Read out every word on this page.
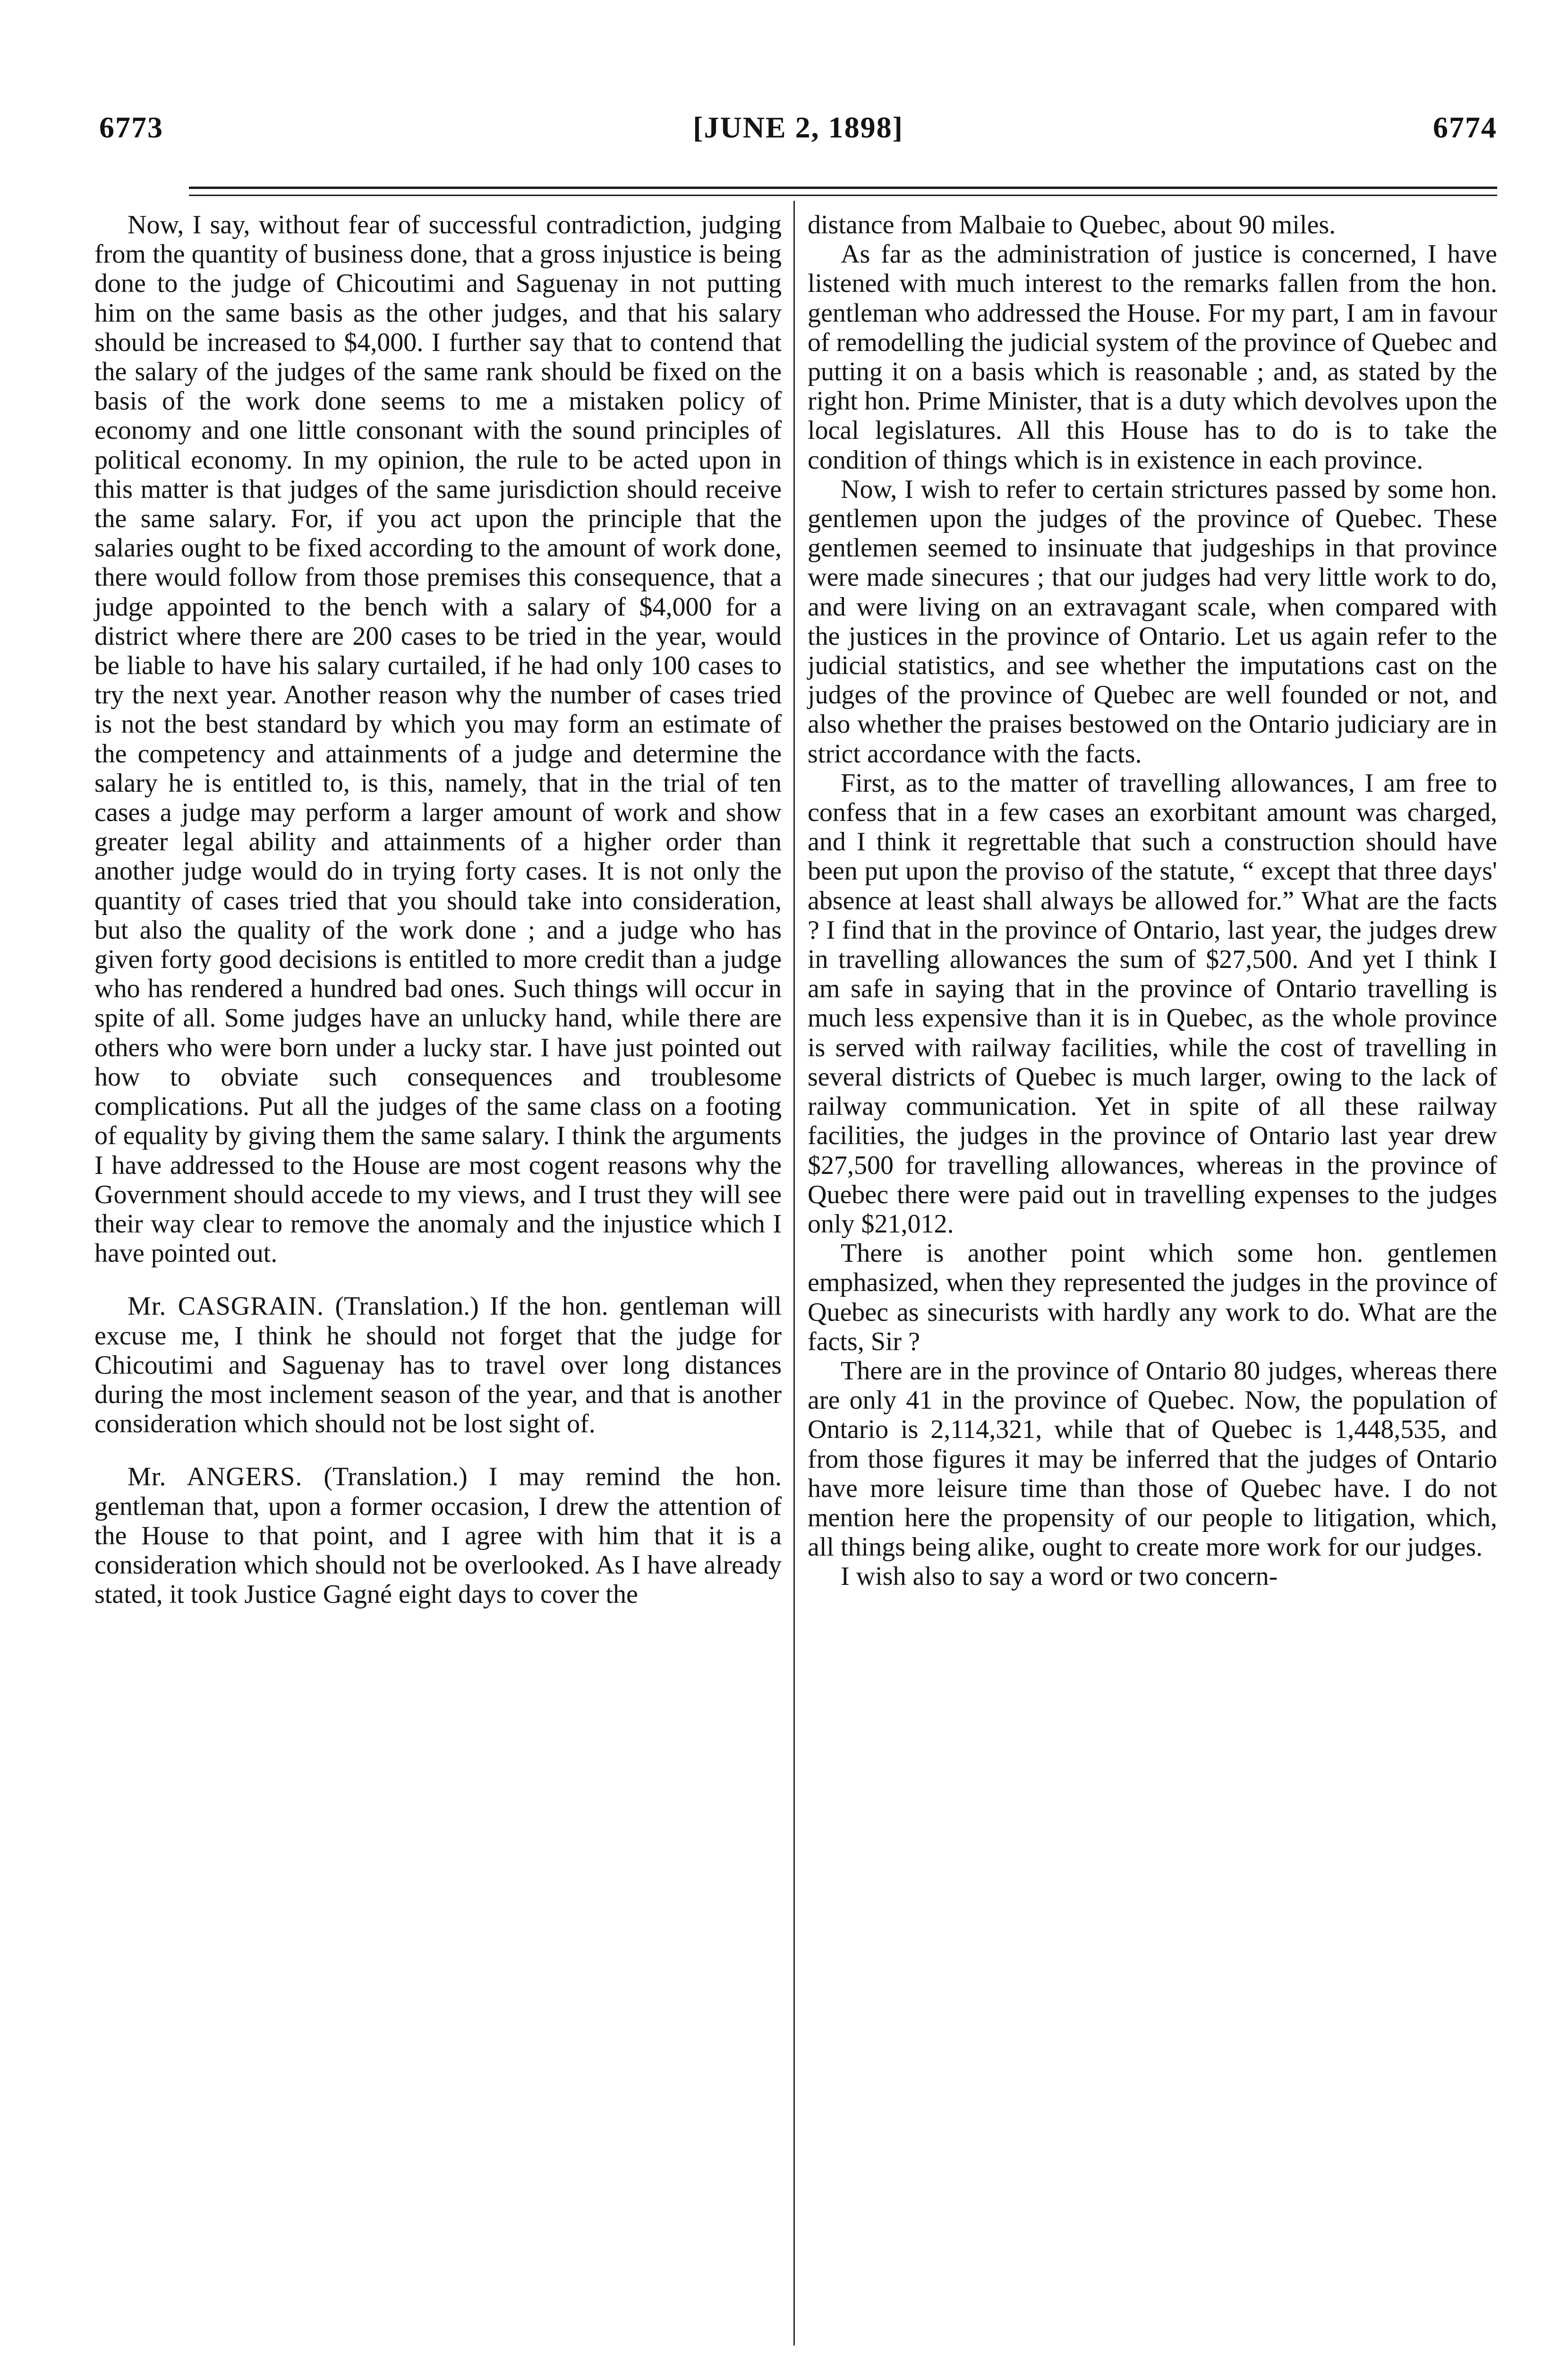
6773	[JUNE 2, 1898]	6774

Now, I say, without fear of successful contradiction, judging from the quantity of business done, that a gross injustice is being done to the judge of Chicoutimi and Saguenay in not putting him on the same basis as the other judges, and that his salary should be increased to $4,000. I further say that to contend that the salary of the judges of the same rank should be fixed on the basis of the work done seems to me a mistaken policy of economy and one little consonant with the sound principles of political economy. In my opinion, the rule to be acted upon in this matter is that judges of the same jurisdiction should receive the same salary. For, if you act upon the principle that the salaries ought to be fixed according to the amount of work done, there would follow from those premises this consequence, that a judge appointed to the bench with a salary of $4,000 for a district where there are 200 cases to be tried in the year, would be liable to have his salary curtailed, if he had only 100 cases to try the next year. Another reason why the number of cases tried is not the best standard by which you may form an estimate of the competency and attainments of a judge and determine the salary he is entitled to, is this, namely, that in the trial of ten cases a judge may perform a larger amount of work and show greater legal ability and attainments of a higher order than another judge would do in trying forty cases. It is not only the quantity of cases tried that you should take into consideration, but also the quality of the work done ; and a judge who has given forty good decisions is entitled to more credit than a judge who has rendered a hundred bad ones. Such things will occur in spite of all. Some judges have an unlucky hand, while there are others who were born under a lucky star. I have just pointed out how to obviate such consequences and troublesome complications. Put all the judges of the same class on a footing of equality by giving them the same salary. I think the arguments I have addressed to the House are most cogent reasons why the Government should accede to my views, and I trust they will see their way clear to remove the anomaly and the injustice which I have pointed out.

Mr. CASGRAIN. (Translation.) If the hon. gentleman will excuse me, I think he should not forget that the judge for Chicoutimi and Saguenay has to travel over long distances during the most inclement season of the year, and that is another consideration which should not be lost sight of.

Mr. ANGERS. (Translation.) I may remind the hon. gentleman that, upon a former occasion, I drew the attention of the House to that point, and I agree with him that it is a consideration which should not be overlooked. As I have already stated, it took Justice Gagné eight days to cover the

distance from Malbaie to Quebec, about 90 miles.

As far as the administration of justice is concerned, I have listened with much interest to the remarks fallen from the hon. gentleman who addressed the House. For my part, I am in favour of remodelling the judicial system of the province of Quebec and putting it on a basis which is reasonable ; and, as stated by the right hon. Prime Minister, that is a duty which devolves upon the local legislatures. All this House has to do is to take the condition of things which is in existence in each province.

Now, I wish to refer to certain strictures passed by some hon. gentlemen upon the judges of the province of Quebec. These gentlemen seemed to insinuate that judgeships in that province were made sinecures ; that our judges had very little work to do, and were living on an extravagant scale, when compared with the justices in the province of Ontario. Let us again refer to the judicial statistics, and see whether the imputations cast on the judges of the province of Quebec are well founded or not, and also whether the praises bestowed on the Ontario judiciary are in strict accordance with the facts.

First, as to the matter of travelling allowances, I am free to confess that in a few cases an exorbitant amount was charged, and I think it regrettable that such a construction should have been put upon the proviso of the statute, “ except that three days' absence at least shall always be allowed for.” What are the facts ? I find that in the province of Ontario, last year, the judges drew in travelling allowances the sum of $27,500. And yet I think I am safe in saying that in the province of Ontario travelling is much less expensive than it is in Quebec, as the whole province is served with railway facilities, while the cost of travelling in several districts of Quebec is much larger, owing to the lack of railway communication. Yet in spite of all these railway facilities, the judges in the province of Ontario last year drew $27,500 for travelling allowances, whereas in the province of Quebec there were paid out in travelling expenses to the judges only $21,012.

There is another point which some hon. gentlemen emphasized, when they represented the judges in the province of Quebec as sinecurists with hardly any work to do. What are the facts, Sir ?

There are in the province of Ontario 80 judges, whereas there are only 41 in the province of Quebec. Now, the population of Ontario is 2,114,321, while that of Quebec is 1,448,535, and from those figures it may be inferred that the judges of Ontario have more leisure time than those of Quebec have. I do not mention here the propensity of our people to litigation, which, all things being alike, ought to create more work for our judges.

I wish also to say a word or two concern-
